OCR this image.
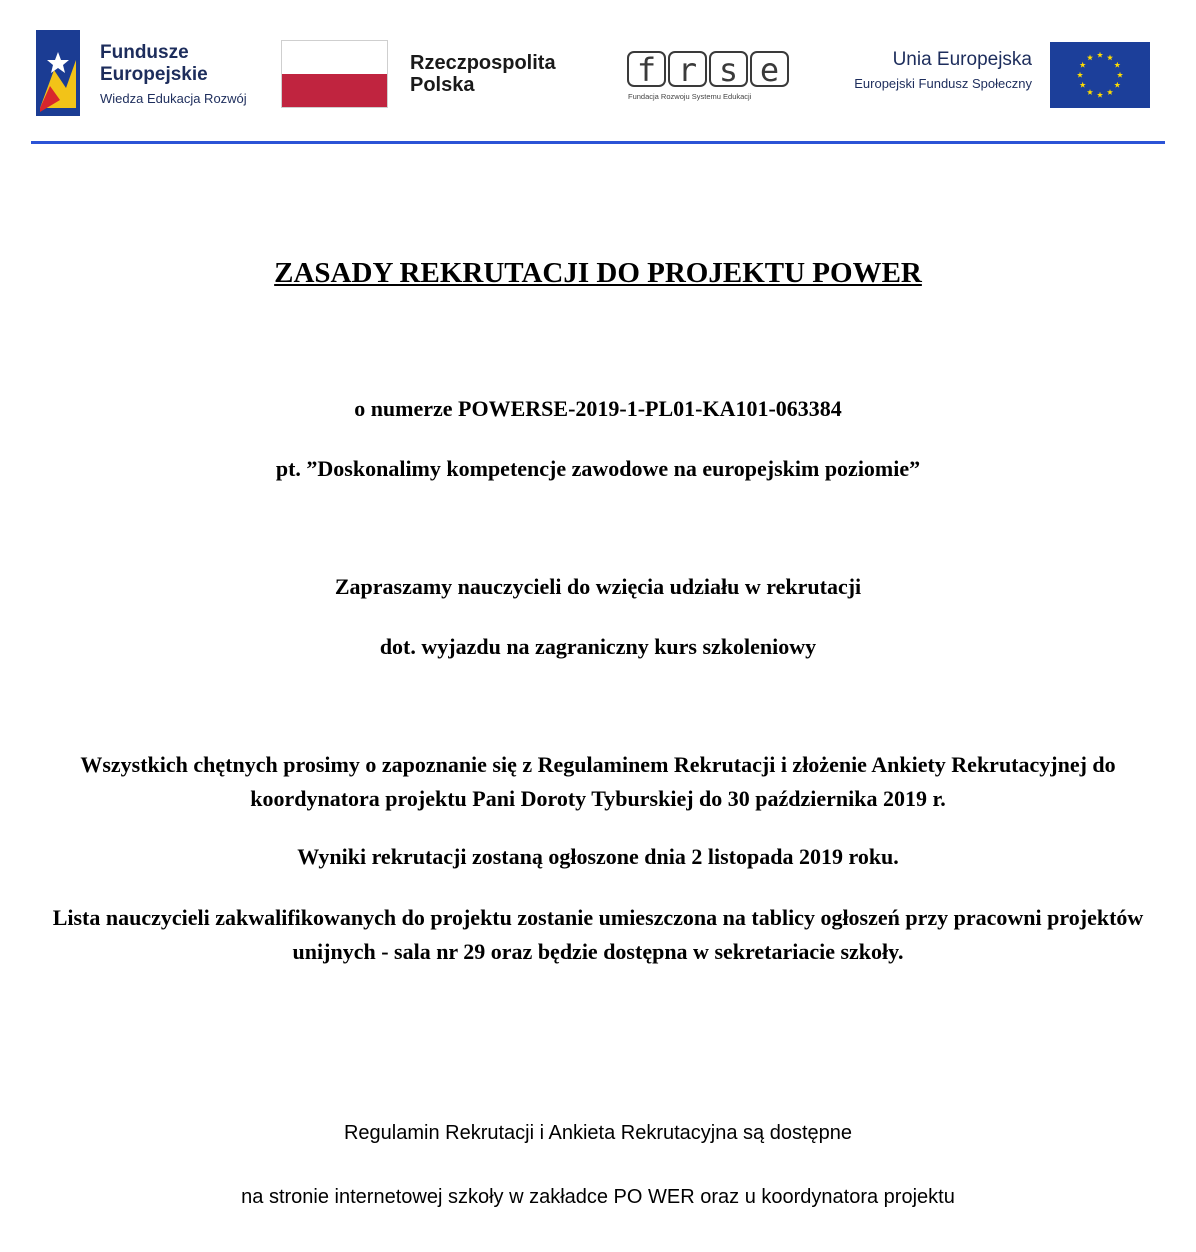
Fundusze
Europejskie
Wiedza Edukacja Rozwój
Rzeczpospolita
Polska	f r s e
Fundacja Rozwoju Systemu Edukacji
Unia Europejska
Europejski Fundusz Społeczny
ZASADY REKRUTACJI DO PROJEKTU POWER
o numerze POWERSE-2019-1-PL01-KA101-063384
pt. ”Doskonalimy kompetencje zawodowe na europejskim poziomie”
Zapraszamy nauczycieli do wzięcia udziału w rekrutacji
dot. wyjazdu na zagraniczny kurs szkoleniowy
Wszystkich chętnych prosimy o zapoznanie się z Regulaminem Rekrutacji i złożenie Ankiety Rekrutacyjnej do koordynatora projektu Pani Doroty Tyburskiej do 30 października 2019 r.
Wyniki rekrutacji zostaną ogłoszone dnia 2 listopada 2019 roku.
Lista nauczycieli zakwalifikowanych do projektu zostanie umieszczona na tablicy ogłoszeń przy pracowni projektów unijnych - sala nr 29 oraz będzie dostępna w sekretariacie szkoły.
Regulamin Rekrutacji i Ankieta Rekrutacyjna są dostępne
na stronie internetowej szkoły w zakładce PO WER oraz u koordynatora projektu
